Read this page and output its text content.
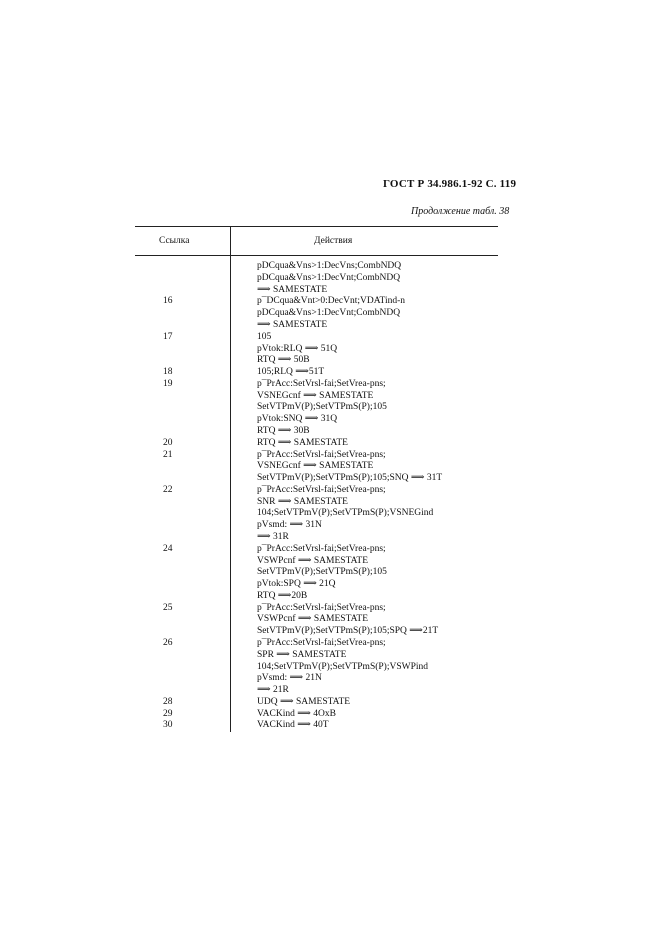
ГОСТ Р 34.986.1-92 С. 119
Продолжение табл. 38
Ссылка	Действия
pDCqua&Vns>1:DecVns;CombNDQ
pDCqua&Vns>1:DecVnt;CombNDQ
⟹ SAMESTATE
16	p¯DCqua&Vnt>0:DecVnt;VDATind-n
pDCqua&Vns>1:DecVnt;CombNDQ
⟹ SAMESTATE
17	105
pVtok:RLQ ⟹ 51Q
RTQ ⟹ 50B
18	105;RLQ ⟹51T
19	p¯PrAcc:SetVrsl-fai;SetVrea-pns;
VSNEGcnf ⟹ SAMESTATE
SetVTPmV(P);SetVTPmS(P);105
pVtok:SNQ ⟹ 31Q
RTQ ⟹ 30B
20	RTQ ⟹ SAMESTATE
21	p¯PrAcc:SetVrsl-fai;SetVrea-pns;
VSNEGcnf ⟹ SAMESTATE
SetVTPmV(P);SetVTPmS(P);105;SNQ ⟹ 31T
22	p¯PrAcc:SetVrsl-fai;SetVrea-pns;
SNR ⟹ SAMESTATE
104;SetVTPmV(P);SetVTPmS(P);VSNEGind
pVsmd: ⟹ 31N
⟹ 31R
24	p¯PrAcc:SetVrsl-fai;SetVrea-pns;
VSWPcnf ⟹ SAMESTATE
SetVTPmV(P);SetVTPmS(P);105
pVtok:SPQ ⟹ 21Q
RTQ ⟹20B
25	p¯PrAcc:SetVrsl-fai;SetVrea-pns;
VSWPcnf ⟹ SAMESTATE
SetVTPmV(P);SetVTPmS(P);105;SPQ ⟹21T
26	p¯PrAcc:SetVrsl-fai;SetVrea-pns;
SPR ⟹ SAMESTATE
104;SetVTPmV(P);SetVTPmS(P);VSWPind
pVsmd: ⟹ 21N
⟹ 21R
28	UDQ ⟹ SAMESTATE
29	VACKind ⟹ 4OxB
30	VACKind ⟹ 40T
